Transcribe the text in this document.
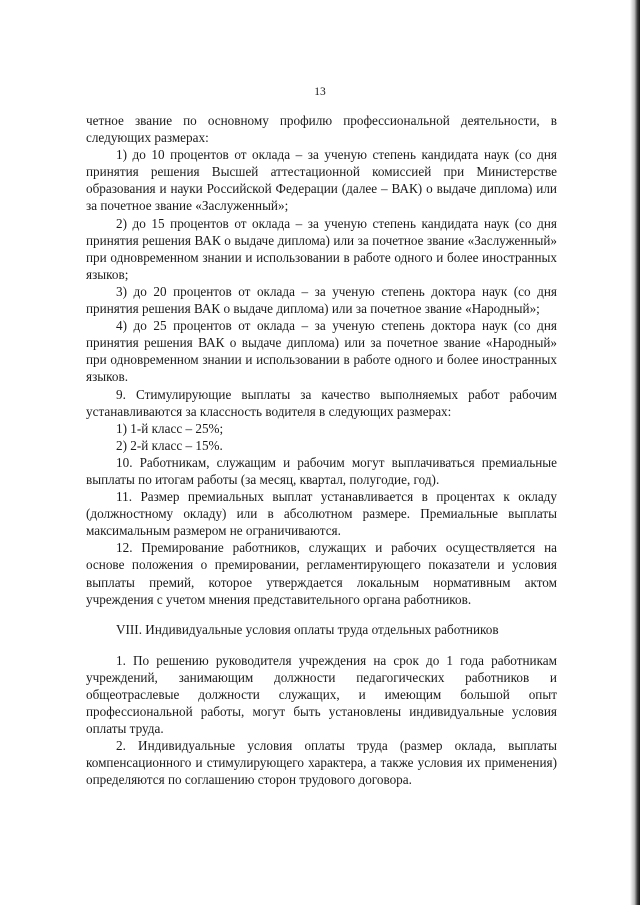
13

четное звание по основному профилю профессиональной деятельности, в следующих размерах:

1) до 10 процентов от оклада – за ученую степень кандидата наук (со дня принятия решения Высшей аттестационной комиссией при Министерстве образования и науки Российской Федерации (далее – ВАК) о выдаче диплома) или за почетное звание «Заслуженный»;

2) до 15 процентов от оклада – за ученую степень кандидата наук (со дня принятия решения ВАК о выдаче диплома) или за почетное звание «Заслуженный» при одновременном знании и использовании в работе одного и более иностранных языков;

3) до 20 процентов от оклада – за ученую степень доктора наук (со дня принятия решения ВАК о выдаче диплома) или за почетное звание «Народный»;

4) до 25 процентов от оклада – за ученую степень доктора наук (со дня принятия решения ВАК о выдаче диплома) или за почетное звание «Народный» при одновременном знании и использовании в работе одного и более иностранных языков.

9. Стимулирующие выплаты за качество выполняемых работ рабочим устанавливаются за классность водителя в следующих размерах:

1) 1-й класс – 25%;

2) 2-й класс – 15%.

10. Работникам, служащим и рабочим могут выплачиваться премиальные выплаты по итогам работы (за месяц, квартал, полугодие, год).

11. Размер премиальных выплат устанавливается в процентах к окладу (должностному окладу) или в абсолютном размере. Премиальные выплаты максимальным размером не ограничиваются.

12. Премирование работников, служащих и рабочих осуществляется на основе положения о премировании, регламентирующего показатели и условия выплаты премий, которое утверждается локальным нормативным актом учреждения с учетом мнения представительного органа работников.

VIII. Индивидуальные условия оплаты труда отдельных работников

1. По решению руководителя учреждения на срок до 1 года работникам учреждений, занимающим должности педагогических работников и общеотраслевые должности служащих, и имеющим большой опыт профессиональной работы, могут быть установлены индивидуальные условия оплаты труда.

2. Индивидуальные условия оплаты труда (размер оклада, выплаты компенсационного и стимулирующего характера, а также условия их применения) определяются по соглашению сторон трудового договора.
